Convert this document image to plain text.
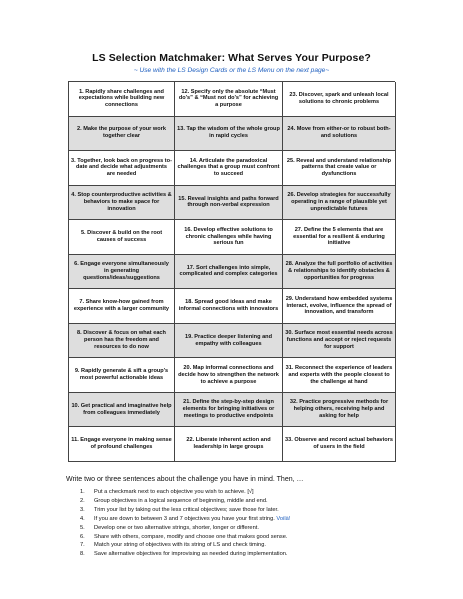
LS Selection Matchmaker: What Serves Your Purpose?
~ Use with the LS Design Cards or the LS Menu on the next page~
1. Rapidly share challenges and expectations while building new connections
12. Specify only the absolute “Must do’s” & “Must not do’s” for achieving a purpose
23. Discover, spark and unleash local solutions to chronic problems
2. Make the purpose of your work together clear
13. Tap the wisdom of the whole group in rapid cycles
24. Move from either-or to robust both-and solutions
3. Together, look back on progress to-date and decide what adjustments are needed
14. Articulate the paradoxical challenges that a group must confront to succeed
25. Reveal and understand relationship patterns that create value or dysfunctions
4. Stop counterproductive activities & behaviors to make space for innovation
15. Reveal insights and paths forward through non-verbal expression
26. Develop strategies for successfully operating in a range of plausible yet unpredictable futures
5. Discover & build on the root causes of success
16. Develop effective solutions to chronic challenges while having serious fun
27. Define the 5 elements that are essential for a resilient & enduring initiative
6. Engage everyone simultaneously in generating questions/ideas/suggestions
17. Sort challenges into simple, complicated and complex categories
28. Analyze the full portfolio of activities & relationships to identify obstacles & opportunities for progress
7. Share know-how gained from experience with a larger community
18. Spread good ideas and make informal connections with innovators
29. Understand how embedded systems interact, evolve, influence the spread of innovation, and transform
8. Discover & focus on what each person has the freedom and resources to do now
19. Practice deeper listening and empathy with colleagues
30. Surface most essential needs across functions and accept or reject requests for support
9. Rapidly generate & sift a group’s most powerful actionable ideas
20. Map informal connections and decide how to strengthen the network to achieve a purpose
31. Reconnect the experience of leaders and experts with the people closest to the challenge at hand
10. Get practical and imaginative help from colleagues immediately
21. Define the step-by-step design elements for bringing initiatives or meetings to productive endpoints
32. Practice progressive methods for helping others, receiving help and asking for help
11. Engage everyone in making sense of profound challenges
22. Liberate inherent action and leadership in large groups
33. Observe and record actual behaviors of users in the field
Write two or three sentences about the challenge you have in mind. Then, …
1.	Put a checkmark next to each objective you wish to achieve. [√]
2.	Group objectives in a logical sequence of beginning, middle and end.
3.	Trim your list by taking out the less critical objectives; save those for later.
4.	If you are down to between 3 and 7 objectives you have your first string. Voilà!
5.	Develop one or two alternative strings, shorter, longer or different.
6.	Share with others, compare, modify and choose one that makes good sense.
7.	Match your string of objectives with its string of LS and check timing.
8.	Save alternative objectives for improvising as needed during implementation.
